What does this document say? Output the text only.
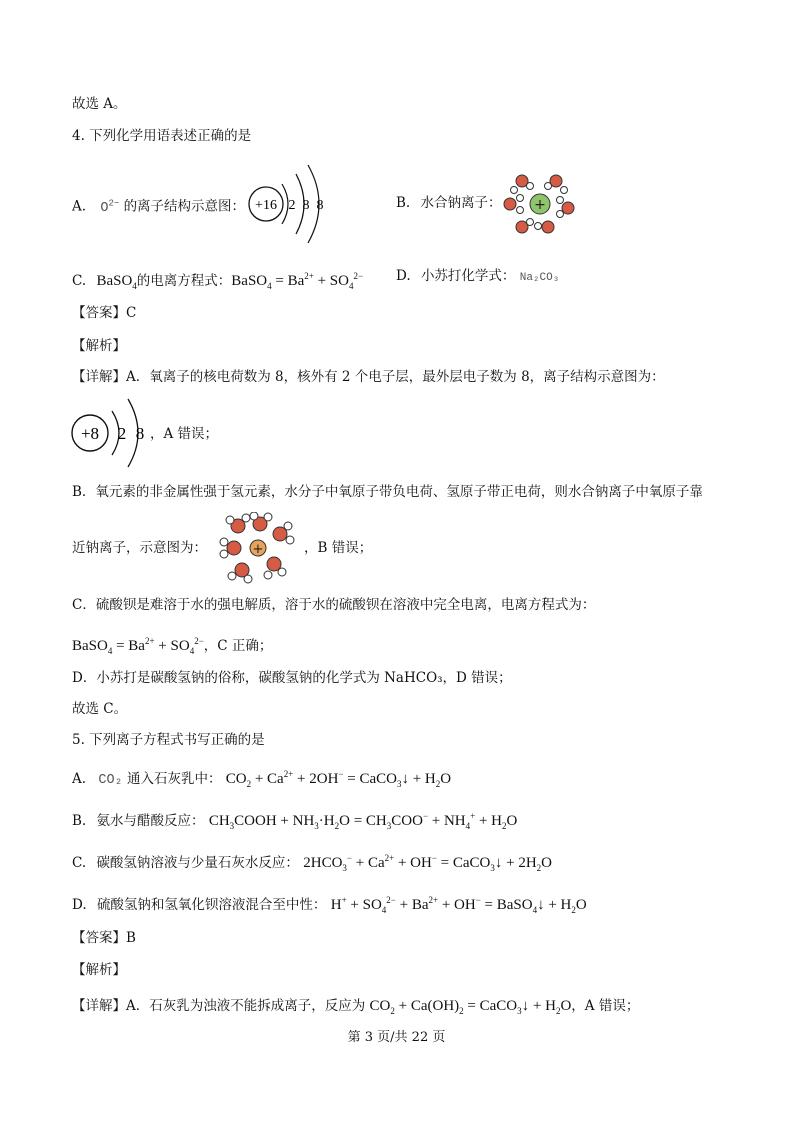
故选 A。
4. 下列化学用语表述正确的是
A. $O^{2-}$ 的离子结构示意图： +16 2 8 8	B. 水合钠离子： +
C. BaSO$_4$的电离方程式：BaSO$_4$ = $Ba^{2+} + SO_4^{2-}$ D. 小苏打化学式： Na₂CO₃
【答案】C
【解析】
【详解】A．氧离子的核电荷数为 8，核外有 2 个电子层，最外层电子数为 8，离子结构示意图为：
+8 2 8 ，A 错误；
B．氧元素的非金属性强于氢元素，水分子中氧原子带负电荷、氢原子带正电荷，则水合钠离子中氧原子靠
近钠离子，示意图为：	+	，B 错误；
C．硫酸钡是难溶于水的强电解质，溶于水的硫酸钡在溶液中完全电离，电离方程式为：
BaSO$_4$ = $Ba^{2+} + SO_4^{2-}$，C 正确；
D．小苏打是碳酸氢钠的俗称，碳酸氢钠的化学式为 NaHCO₃，D 错误；
故选 C。
5. 下列离子方程式书写正确的是
A. CO₂ 通入石灰乳中： $CO_2 + Ca^{2+} + 2OH^-$ = CaCO$_3$↓ + $H_2O$
B. 氨水与醋酸反应： $CH_3COOH + NH_3\cdot H_2O = CH_3COO^- + NH_4^+ + H_2O$
C. 碳酸氢钠溶液与少量石灰水反应： $2HCO_3^- + Ca^{2+} + OH^-$ = CaCO$_3$↓ + $2H_2O$
D. 硫酸氢钠和氢氧化钡溶液混合至中性： $H^+ + SO_4^{2-} + Ba^{2+} + OH^-$ = BaSO$_4$↓ + $H_2O$
【答案】B
【解析】
【详解】A．石灰乳为浊液不能拆成离子，反应为 $CO_2 + Ca(OH)_2$ = CaCO$_3$↓ + $H_2O$，A 错误；
第 3 页/共 22 页
